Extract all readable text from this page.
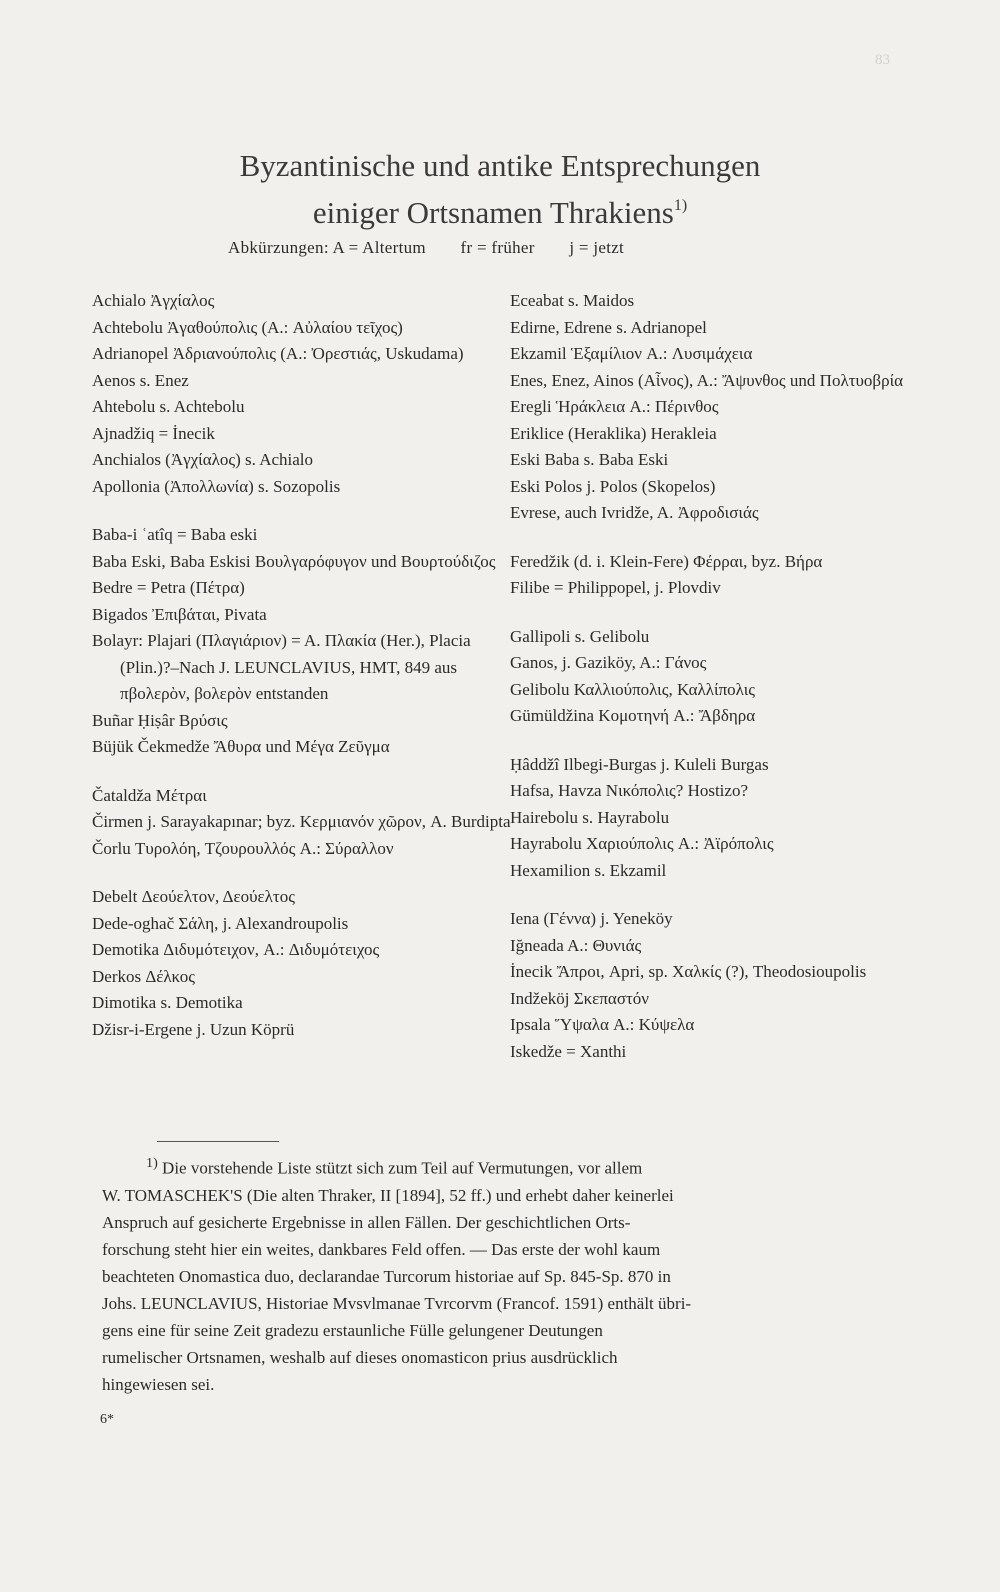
83
Byzantinische und antike Entsprechungen
einiger Ortsnamen Thrakiens$^{1)}$
Abkürzungen: A = Altertum fr = früher j = jetzt
Achialo Ἀγχίαλος
Achtebolu Ἀγαθούπολις (A.: Αὐλαίου τεῖχος)
Adrianopel Ἀδριανούπολις (A.: Ὀρεστιάς, Uskudama)
Aenos s. Enez
Ahtebolu s. Achtebolu
Ajnadžiq = İnecik
Anchialos (Ἀγχίαλος) s. Achialo
Apollonia (Ἀπολλωνία) s. Sozopolis
Baba-i ʿatîq = Baba eski
Baba Eski, Baba Eskisi Βουλγαρόφυγον und Βουρτούδιζος
Bedre = Petra (Πέτρα)
Bigados Ἐπιβάται, Pivata
Bolayr: Plajari (Πλαγιάριον) = A. Πλακία (Her.), Placia (Plin.)?–Nach J. LEUNCLAVIUS, HMT, 849 aus πβολερὸν, βολερὸν entstanden
Buñar Ḥiṣâr Βρύσις
Büjük Čekmedže Ἄθυρα und Μέγα Ζεῦγμα
Čataldža Μέτραι
Čirmen j. Sarayakapınar; byz. Κερμιανόν χῶρον, A. Burdipta
Čorlu Τυρολόη, Τζουρουλλός A.: Σύραλλον
Debelt Δεούελτον, Δεούελτος
Dede-oghač Σάλη, j. Alexandroupolis
Demotika Διδυμότειχον, A.: Διδυμότειχος
Derkos Δέλκος
Dimotika s. Demotika
Džisr-i-Ergene j. Uzun Köprü
Eceabat s. Maidos
Edirne, Edrene s. Adrianopel
Ekzamil Ἑξαμίλιον A.: Λυσιμάχεια
Enes, Enez, Ainos (Αἶνος), A.: Ἄψυνθος und Πολτυοβρία
Eregli Ἡράκλεια A.: Πέρινθος
Eriklice (Heraklika) Herakleia
Eski Baba s. Baba Eski
Eski Polos j. Polos (Skopelos)
Evrese, auch Ivridže, A. Ἀφροδισιάς
Feredžik (d. i. Klein-Fere) Φέρραι, byz. Βήρα
Filibe = Philippopel, j. Plovdiv
Gallipoli s. Gelibolu
Ganos, j. Gaziköy, A.: Γάνος
Gelibolu Καλλιούπολις, Καλλίπολις
Gümüldžina Κομοτηνή A.: Ἄβδηρα
Ḥâddžî Ilbegi-Burgas j. Kuleli Burgas
Hafsa, Havza Νικόπολις? Hostizo?
Hairebolu s. Hayrabolu
Hayrabolu Χαριούπολις A.: Ἀϊρόπολις
Hexamilion s. Ekzamil
Iena (Γέννα) j. Yeneköy
Iğneada A.: Θυνιάς
İnecik Ἄπροι, Apri, sp. Χαλκίς (?), Theodosioupolis
Indžeköj Σκεπαστόν
Ipsala Ὕψαλα A.: Κύψελα
Iskedže = Xanthi
$^{1)}$ Die vorstehende Liste stützt sich zum Teil auf Vermutungen, vor allem
W. TOMASCHEK'S (Die alten Thraker, II [1894], 52 ff.) und erhebt daher keinerlei
Anspruch auf gesicherte Ergebnisse in allen Fällen. Der geschichtlichen Orts-
forschung steht hier ein weites, dankbares Feld offen. — Das erste der wohl kaum
beachteten Onomastica duo, declarandae Turcorum historiae auf Sp. 845-Sp. 870 in
Johs. LEUNCLAVIUS, Historiae Mvsvlmanae Tvrcorvm (Francof. 1591) enthält übri-
gens eine für seine Zeit gradezu erstaunliche Fülle gelungener Deutungen
rumelischer Ortsnamen, weshalb auf dieses onomasticon prius ausdrücklich
hingewiesen sei.
6*
